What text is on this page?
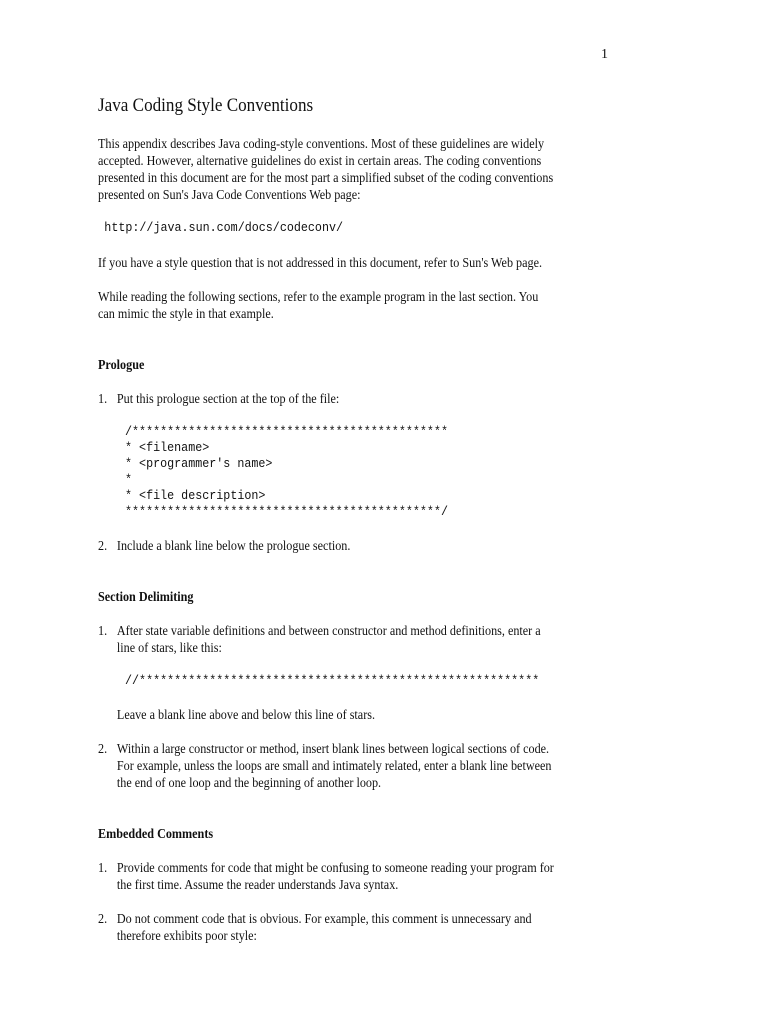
1
Java Coding Style Conventions

This appendix describes Java coding-style conventions. Most of these guidelines are widely accepted. However, alternative guidelines do exist in certain areas. The coding conventions presented in this document are for the most part a simplified subset of the coding conventions presented on Sun's Java Code Conventions Web page:

http://java.sun.com/docs/codeconv/

If you have a style question that is not addressed in this document, refer to Sun's Web page.

While reading the following sections, refer to the example program in the last section. You can mimic the style in that example.

Prologue
1. Put this prologue section at the top of the file:
/*********************************************
* <filename>
* <programmer's name>
*
* <file description>
*********************************************/
2. Include a blank line below the prologue section.
Section Delimiting
1. After state variable definitions and between constructor and method definitions, enter a line of stars, like this:
//*********************************************************
Leave a blank line above and below this line of stars.
2. Within a large constructor or method, insert blank lines between logical sections of code. For example, unless the loops are small and intimately related, enter a blank line between the end of one loop and the beginning of another loop.
Embedded Comments
1. Provide comments for code that might be confusing to someone reading your program for the first time. Assume the reader understands Java syntax.
2. Do not comment code that is obvious. For example, this comment is unnecessary and therefore exhibits poor style:
